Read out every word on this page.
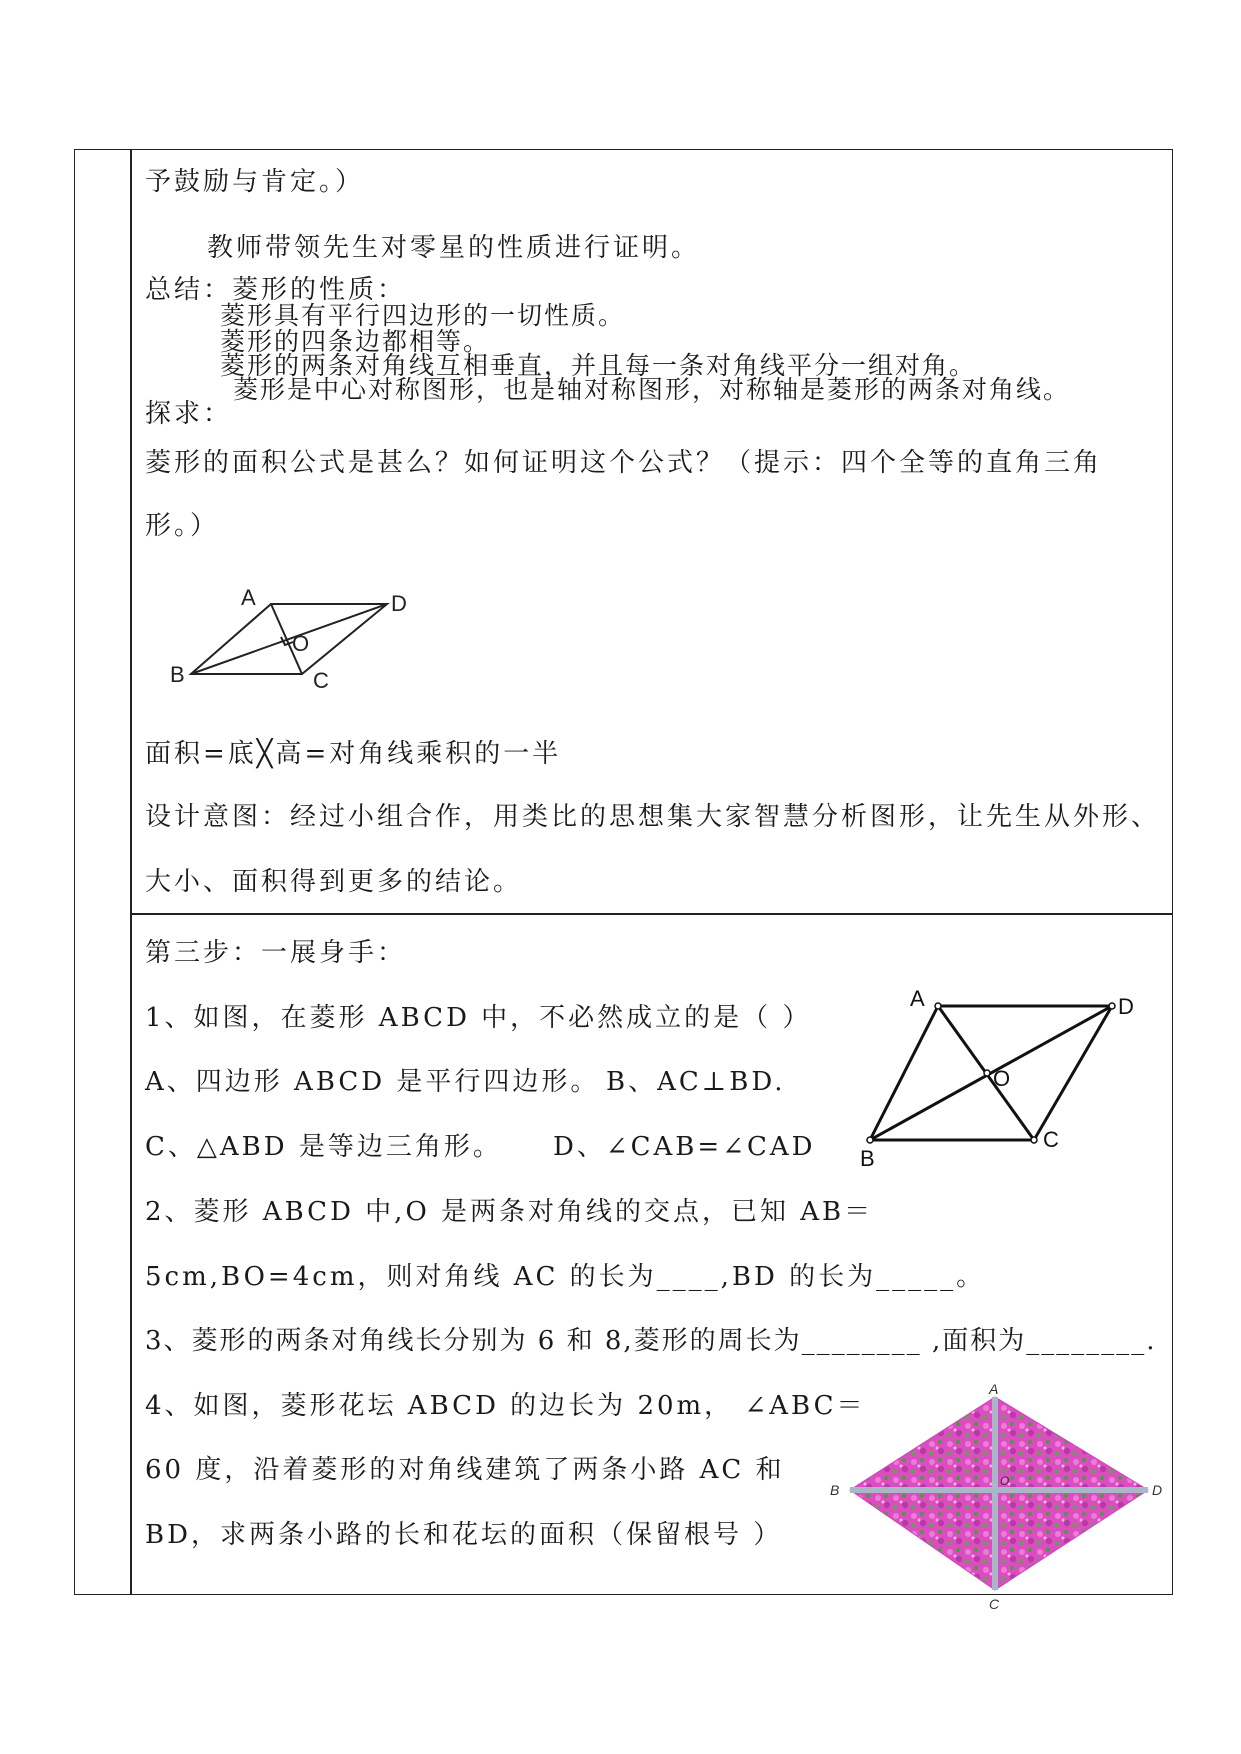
予鼓励与肯定。）
教师带领先生对零星的性质进行证明。
总结：菱形的性质：
菱形具有平行四边形的一切性质。
菱形的四条边都相等。
菱形的两条对角线互相垂直，并且每一条对角线平分一组对角。
菱形是中心对称图形，也是轴对称图形，对称轴是菱形的两条对角线。
探求：
菱形的面积公式是甚么？如何证明这个公式？（提示：四个全等的直角三角
形。）
A	D
O
B	C
面积=底╳高=对角线乘积的一半
设计意图：经过小组合作，用类比的思想集大家智慧分析图形，让先生从外形、
大小、面积得到更多的结论。
第三步：一展身手：
1、如图，在菱形 ABCD 中，不必然成立的是（ ）
A、四边形 ABCD 是平行四边形。 B、AC⊥BD.
C、△ABD 是等边三角形。 D、∠CAB=∠CAD
A	D
O
B
C
2、菱形 ABCD 中,O 是两条对角线的交点，已知 AB＝
5cm,BO=4cm，则对角线 AC 的长为____,BD 的长为_____。
3、菱形的两条对角线长分别为 6 和 8,菱形的周长为________ ,面积为________.
4、如图，菱形花坛 ABCD 的边长为 20m， ∠ABC＝
60 度，沿着菱形的对角线建筑了两条小路 AC 和
BD，求两条小路的长和花坛的面积（保留根号 ）
A
B	D
C
O
